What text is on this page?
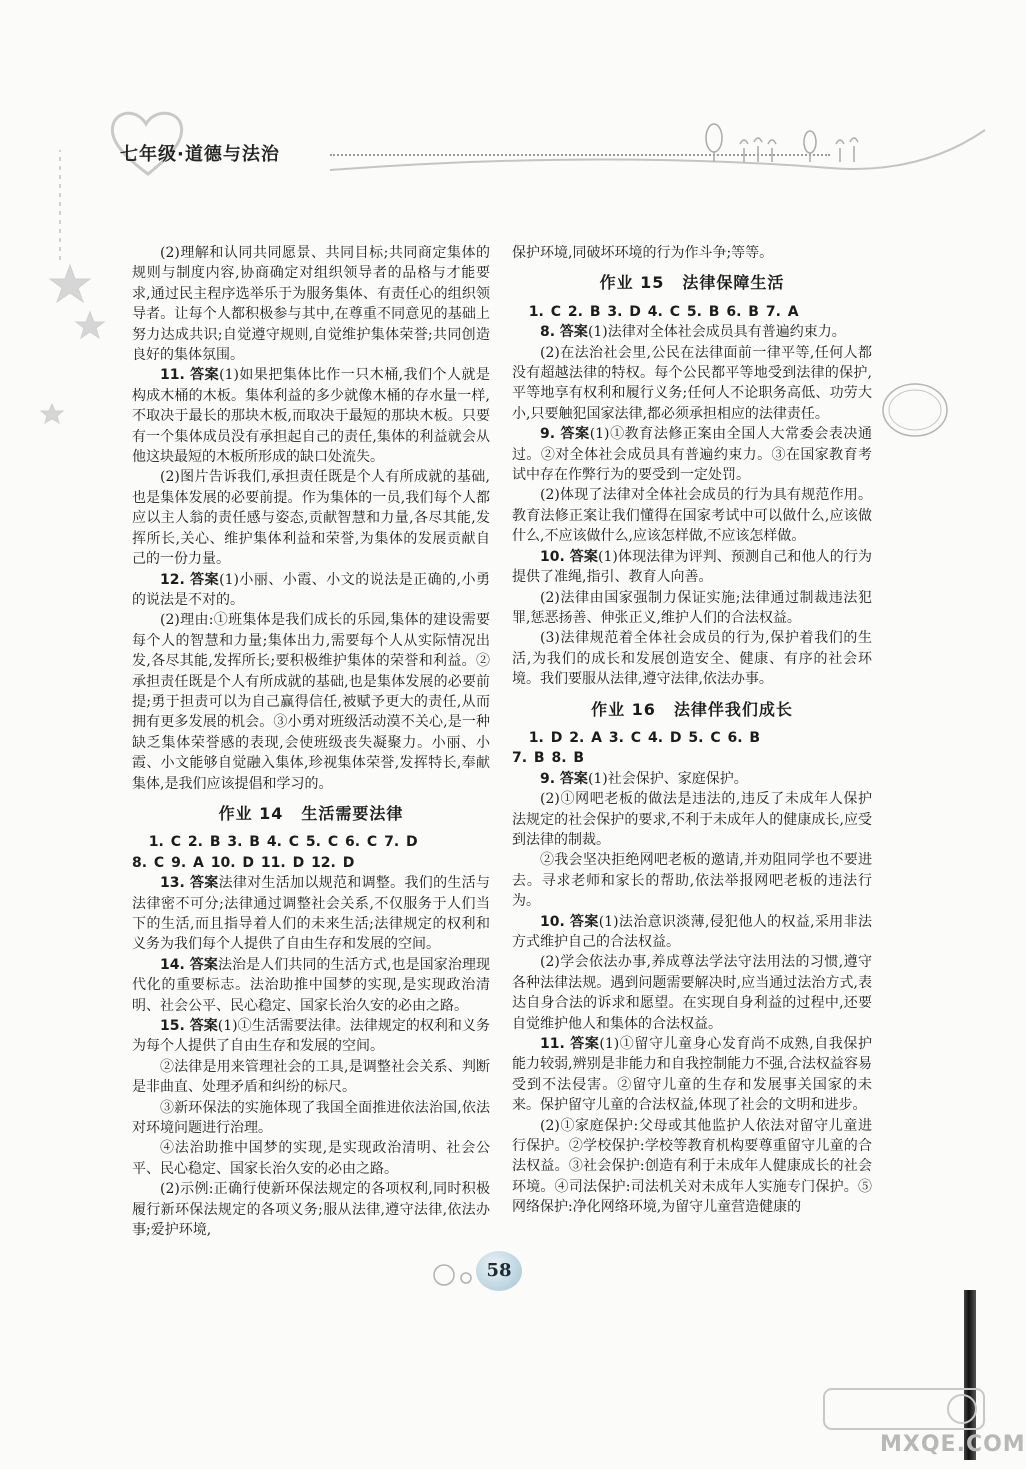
七年级·道德与法治

(2)理解和认同共同愿景、共同目标;共同商定集体的规则与制度内容,协商确定对组织领导者的品格与才能要求,通过民主程序选举乐于为服务集体、有责任心的组织领导者。让每个人都积极参与其中,在尊重不同意见的基础上努力达成共识;自觉遵守规则,自觉维护集体荣誉;共同创造良好的集体氛围。

11. 答案(1)如果把集体比作一只木桶,我们个人就是构成木桶的木板。集体利益的多少就像木桶的存水量一样,不取决于最长的那块木板,而取决于最短的那块木板。只要有一个集体成员没有承担起自己的责任,集体的利益就会从他这块最短的木板所形成的缺口处流失。

(2)图片告诉我们,承担责任既是个人有所成就的基础,也是集体发展的必要前提。作为集体的一员,我们每个人都应以主人翁的责任感与姿态,贡献智慧和力量,各尽其能,发挥所长,关心、维护集体利益和荣誉,为集体的发展贡献自己的一份力量。

12. 答案(1)小丽、小霞、小文的说法是正确的,小勇的说法是不对的。

(2)理由:①班集体是我们成长的乐园,集体的建设需要每个人的智慧和力量;集体出力,需要每个人从实际情况出发,各尽其能,发挥所长;要积极维护集体的荣誉和利益。②承担责任既是个人有所成就的基础,也是集体发展的必要前提;勇于担责可以为自己赢得信任,被赋予更大的责任,从而拥有更多发展的机会。③小勇对班级活动漠不关心,是一种缺乏集体荣誉感的表现,会使班级丧失凝聚力。小丽、小霞、小文能够自觉融入集体,珍视集体荣誉,发挥特长,奉献集体,是我们应该提倡和学习的。

作业 14 生活需要法律

1. C 2. B 3. B 4. C 5. C 6. C 7. D

8. C 9. A 10. D 11. D 12. D

13. 答案法律对生活加以规范和调整。我们的生活与法律密不可分;法律通过调整社会关系,不仅服务于人们当下的生活,而且指导着人们的未来生活;法律规定的权利和义务为我们每个人提供了自由生存和发展的空间。

14. 答案法治是人们共同的生活方式,也是国家治理现代化的重要标志。法治助推中国梦的实现,是实现政治清明、社会公平、民心稳定、国家长治久安的必由之路。

15. 答案(1)①生活需要法律。法律规定的权利和义务为每个人提供了自由生存和发展的空间。

②法律是用来管理社会的工具,是调整社会关系、判断是非曲直、处理矛盾和纠纷的标尺。

③新环保法的实施体现了我国全面推进依法治国,依法对环境问题进行治理。

④法治助推中国梦的实现,是实现政治清明、社会公平、民心稳定、国家长治久安的必由之路。

(2)示例:正确行使新环保法规定的各项权利,同时积极履行新环保法规定的各项义务;服从法律,遵守法律,依法办事;爱护环境,

保护环境,同破坏环境的行为作斗争;等等。

作业 15 法律保障生活

1. C 2. B 3. D 4. C 5. B 6. B 7. A

8. 答案(1)法律对全体社会成员具有普遍约束力。

(2)在法治社会里,公民在法律面前一律平等,任何人都没有超越法律的特权。每个公民都平等地受到法律的保护,平等地享有权利和履行义务;任何人不论职务高低、功劳大小,只要触犯国家法律,都必须承担相应的法律责任。

9. 答案(1)①教育法修正案由全国人大常委会表决通过。②对全体社会成员具有普遍约束力。③在国家教育考试中存在作弊行为的要受到一定处罚。

(2)体现了法律对全体社会成员的行为具有规范作用。教育法修正案让我们懂得在国家考试中可以做什么,应该做什么,不应该做什么,应该怎样做,不应该怎样做。

10. 答案(1)体现法律为评判、预测自己和他人的行为提供了准绳,指引、教育人向善。

(2)法律由国家强制力保证实施;法律通过制裁违法犯罪,惩恶扬善、伸张正义,维护人们的合法权益。

(3)法律规范着全体社会成员的行为,保护着我们的生活,为我们的成长和发展创造安全、健康、有序的社会环境。我们要服从法律,遵守法律,依法办事。

作业 16 法律伴我们成长

1. D 2. A 3. C 4. D 5. C 6. B

7. B 8. B

9. 答案(1)社会保护、家庭保护。

(2)①网吧老板的做法是违法的,违反了未成年人保护法规定的社会保护的要求,不利于未成年人的健康成长,应受到法律的制裁。

②我会坚决拒绝网吧老板的邀请,并劝阻同学也不要进去。寻求老师和家长的帮助,依法举报网吧老板的违法行为。

10. 答案(1)法治意识淡薄,侵犯他人的权益,采用非法方式维护自己的合法权益。

(2)学会依法办事,养成尊法学法守法用法的习惯,遵守各种法律法规。遇到问题需要解决时,应当通过法治方式,表达自身合法的诉求和愿望。在实现自身利益的过程中,还要自觉维护他人和集体的合法权益。

11. 答案(1)①留守儿童身心发育尚不成熟,自我保护能力较弱,辨别是非能力和自我控制能力不强,合法权益容易受到不法侵害。②留守儿童的生存和发展事关国家的未来。保护留守儿童的合法权益,体现了社会的文明和进步。

(2)①家庭保护:父母或其他监护人依法对留守儿童进行保护。②学校保护:学校等教育机构要尊重留守儿童的合法权益。③社会保护:创造有利于未成年人健康成长的社会环境。④司法保护:司法机关对未成年人实施专门保护。⑤网络保护:净化网络环境,为留守儿童营造健康的

58
MXQE.COM
